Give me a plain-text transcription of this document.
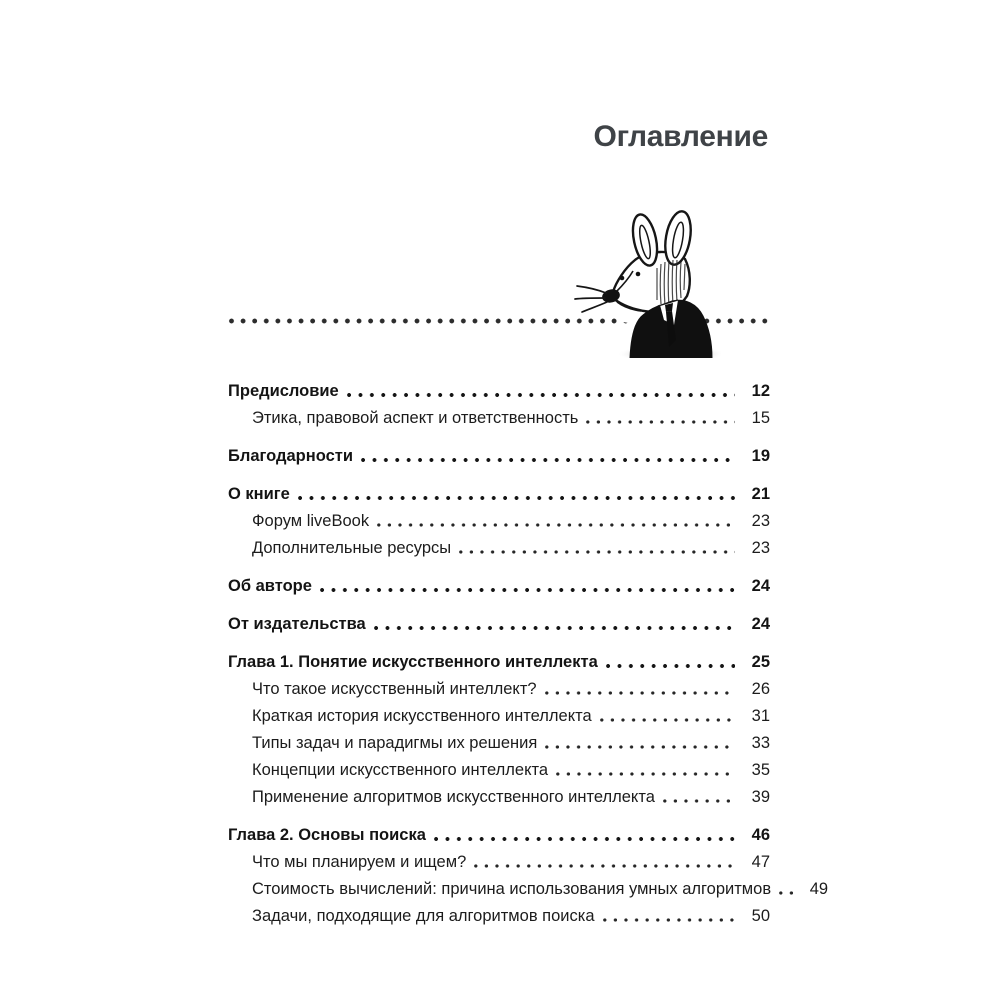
Оглавление
Предисловие	12
Этика, правовой аспект и ответственность	15
Благодарности	19
О книге	21
Форум liveBook	23
Дополнительные ресурсы	23
Об авторе	24
От издательства	24
Глава 1. Понятие искусственного интеллекта	25
Что такое искусственный интеллект?	26
Краткая история искусственного интеллекта	31
Типы задач и парадигмы их решения	33
Концепции искусственного интеллекта	35
Применение алгоритмов искусственного интеллекта	39
Глава 2. Основы поиска	46
Что мы планируем и ищем?	47
Стоимость вычислений: причина использования умных алгоритмов	49
Задачи, подходящие для алгоритмов поиска	50
